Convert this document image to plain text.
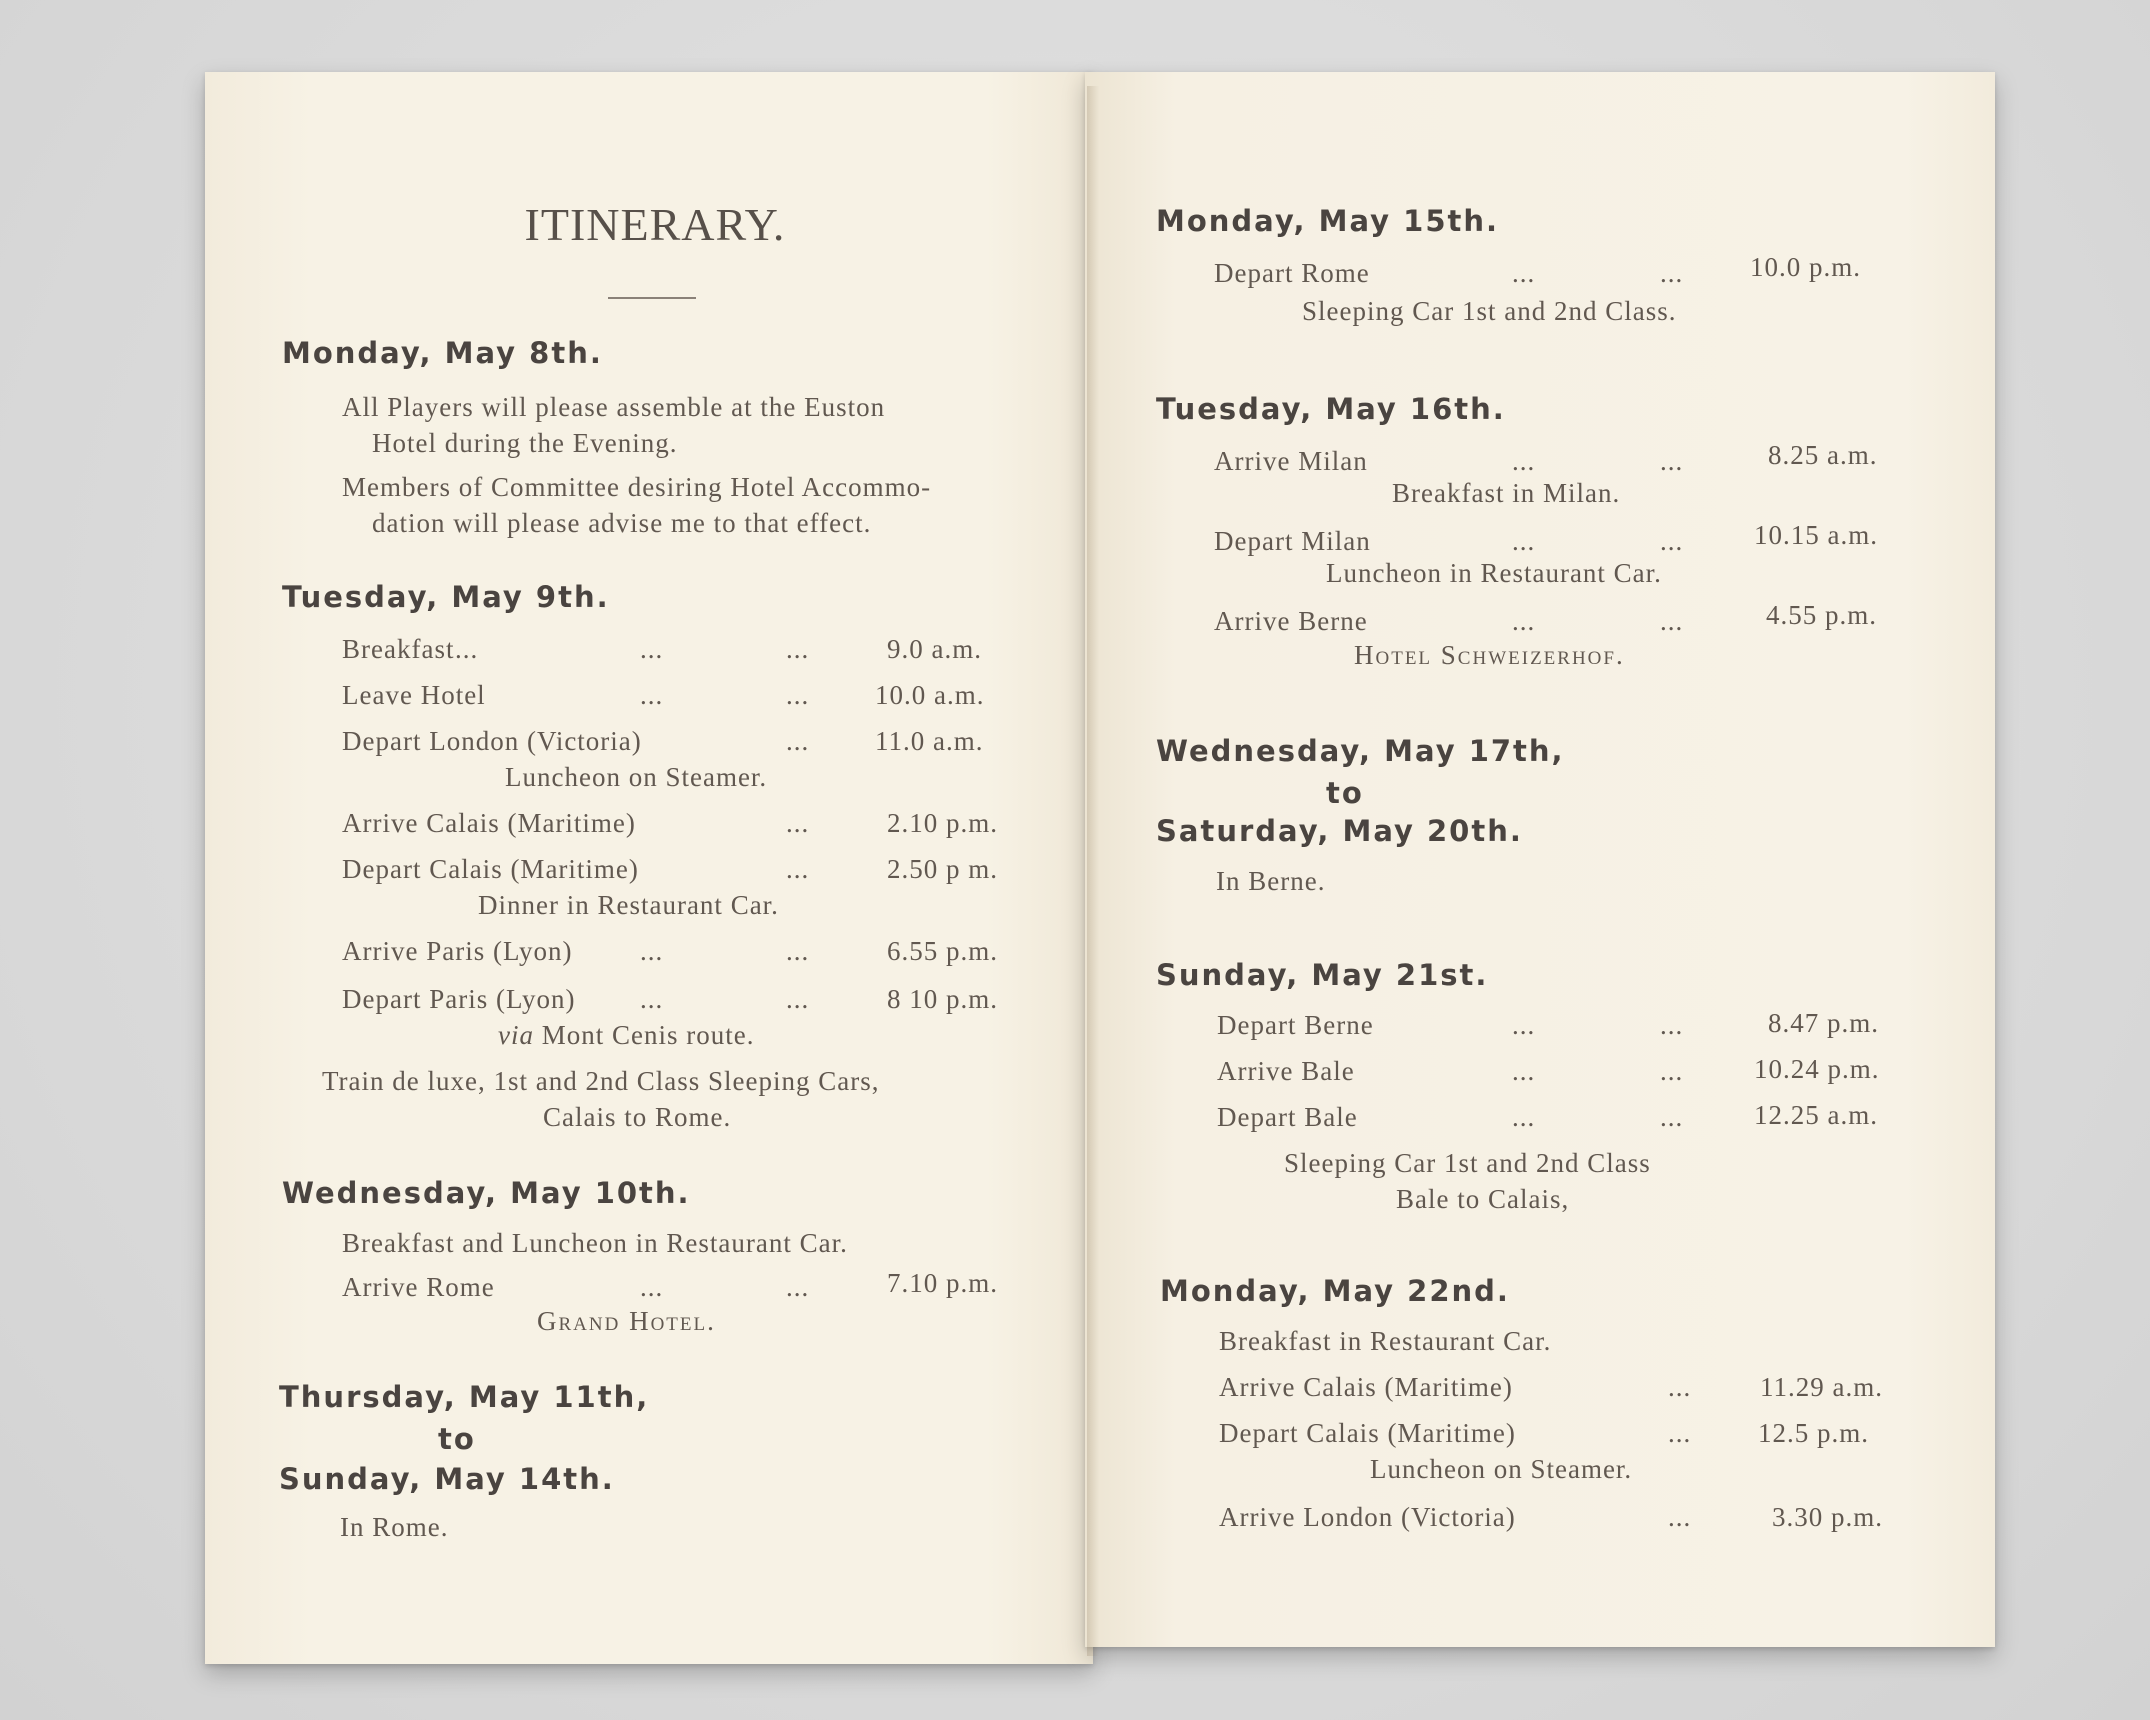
ITINERARY.
Monday, May 8th.
All Players will please assemble at the Euston
Hotel during the Evening.
Members of Committee desiring Hotel Accommo-
dation will please advise me to that effect.
Tuesday, May 9th.
Breakfast ...	...	...	9.0 a.m.
Leave Hotel	...	... 10.0 a.m.
Depart London (Victoria)	... 11.0 a.m.
Luncheon on Steamer.
Arrive Calais (Maritime)	...	2.10 p.m.
Depart Calais (Maritime)	...	2.50 p m.
Dinner in Restaurant Car.
Arrive Paris (Lyon)	...	...	6.55 p.m.
Depart Paris (Lyon) ...	...	8 10 p.m.
via Mont Cenis route.
Train de luxe, 1st and 2nd Class Sleeping Cars,
Calais to Rome.
Wednesday, May 10th.
Breakfast and Luncheon in Restaurant Car.
Arrive Rome	...	...	7.10 p.m.
Grand Hotel.
Thursday, May 11th,
to
Sunday, May 14th.
In Rome.
Monday, May 15th.
Depart Rome	...	... 10.0 p.m.
Sleeping Car 1st and 2nd Class.
Tuesday, May 16th.
Arrive Milan	...	...	8.25 a.m.
Breakfast in Milan.
Depart Milan	...	...	10.15 a.m.
Luncheon in Restaurant Car.
Arrive Berne	...	...	4.55 p.m.
Hotel Schweizerhof.
Wednesday, May 17th,
to
Saturday, May 20th.
In Berne.
Sunday, May 21st.
Depart Berne	...	...	8.47 p.m.
Arrive Bale	...	...	10.24 p.m.
Depart Bale	...	...	12.25 a.m.
Sleeping Car 1st and 2nd Class
Bale to Calais,
Monday, May 22nd.
Breakfast in Restaurant Car.
Arrive Calais (Maritime)	...	11.29 a.m.
Depart Calais (Maritime)	... 12.5 p.m.
Luncheon on Steamer.
Arrive London (Victoria)	...	3.30 p.m.
